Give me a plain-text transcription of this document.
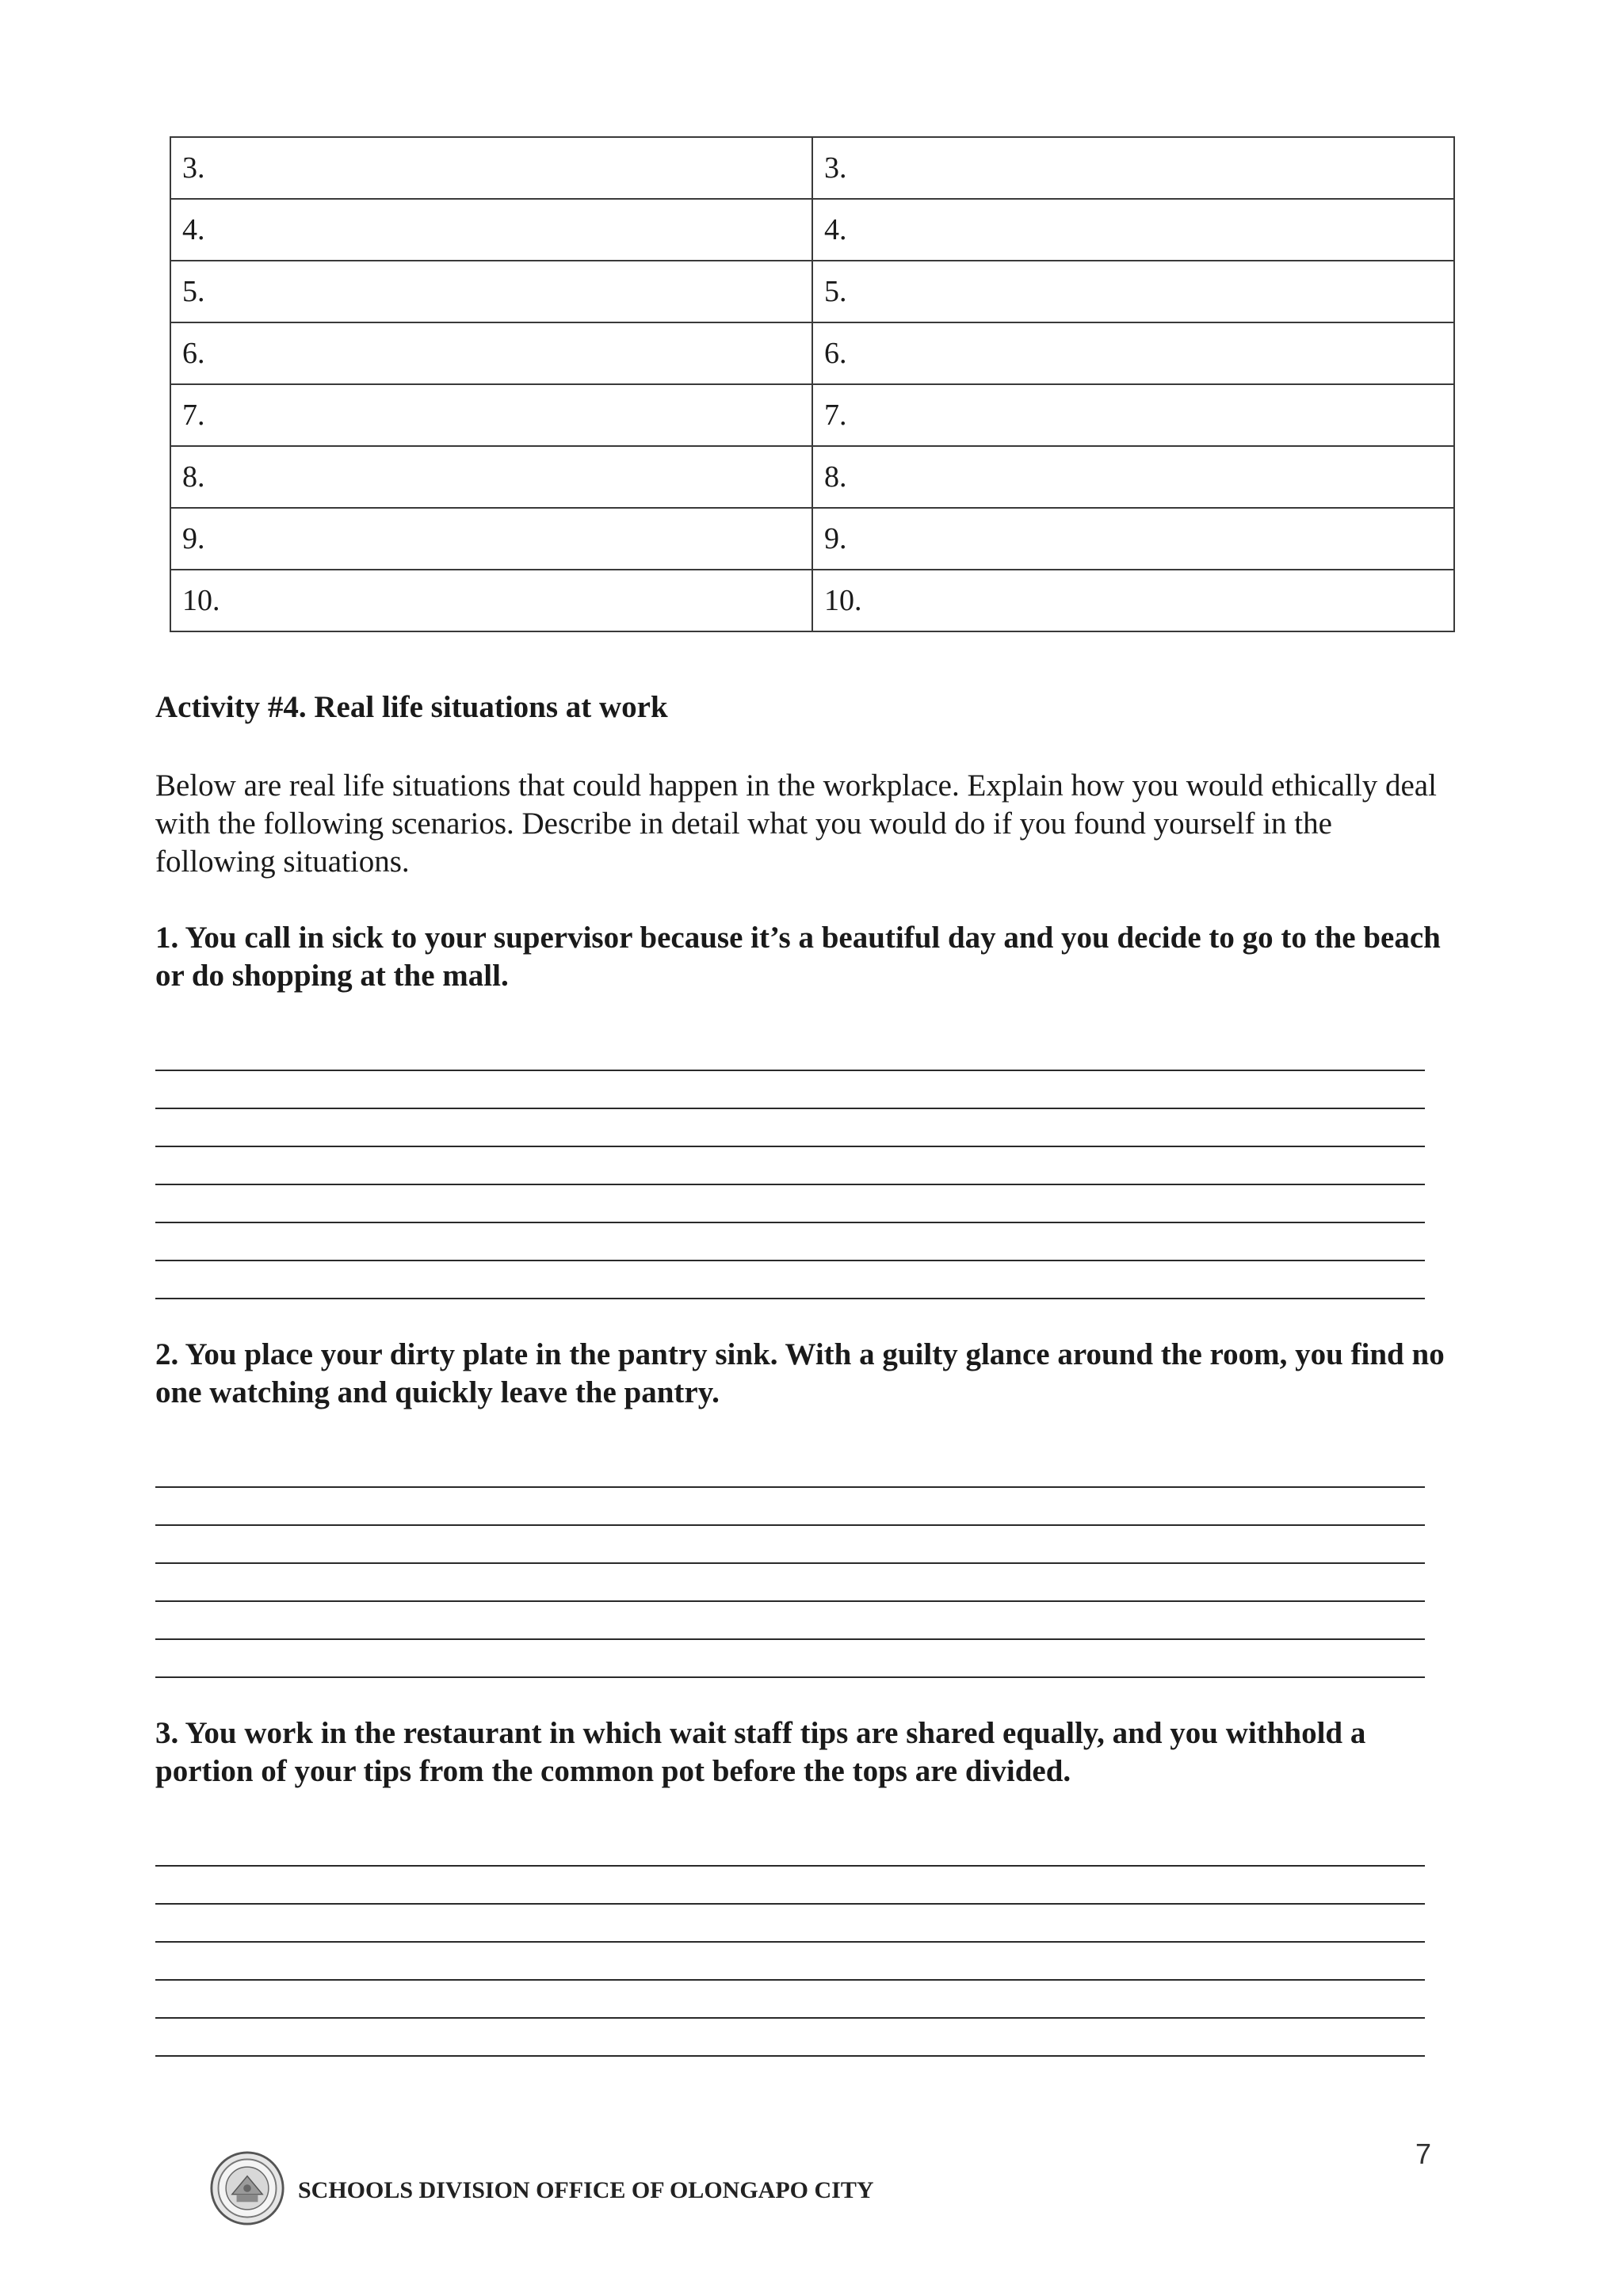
3.	3.
4.	4.
5.	5.
6.	6.
7.	7.
8.	8.
9.	9.
10.	10.
Activity #4. Real life situations at work

Below are real life situations that could happen in the workplace. Explain how you would ethically deal with the following scenarios. Describe in detail what you would do if you found yourself in the following situations.

1. You call in sick to your supervisor because it’s a beautiful day and you decide to go to the beach or do shopping at the mall.

2. You place your dirty plate in the pantry sink. With a guilty glance around the room, you find no one watching and quickly leave the pantry.

3. You work in the restaurant in which wait staff tips are shared equally, and you withhold a portion of your tips from the common pot before the tops are divided.

7
SCHOOLS DIVISION OFFICE OF OLONGAPO CITY
